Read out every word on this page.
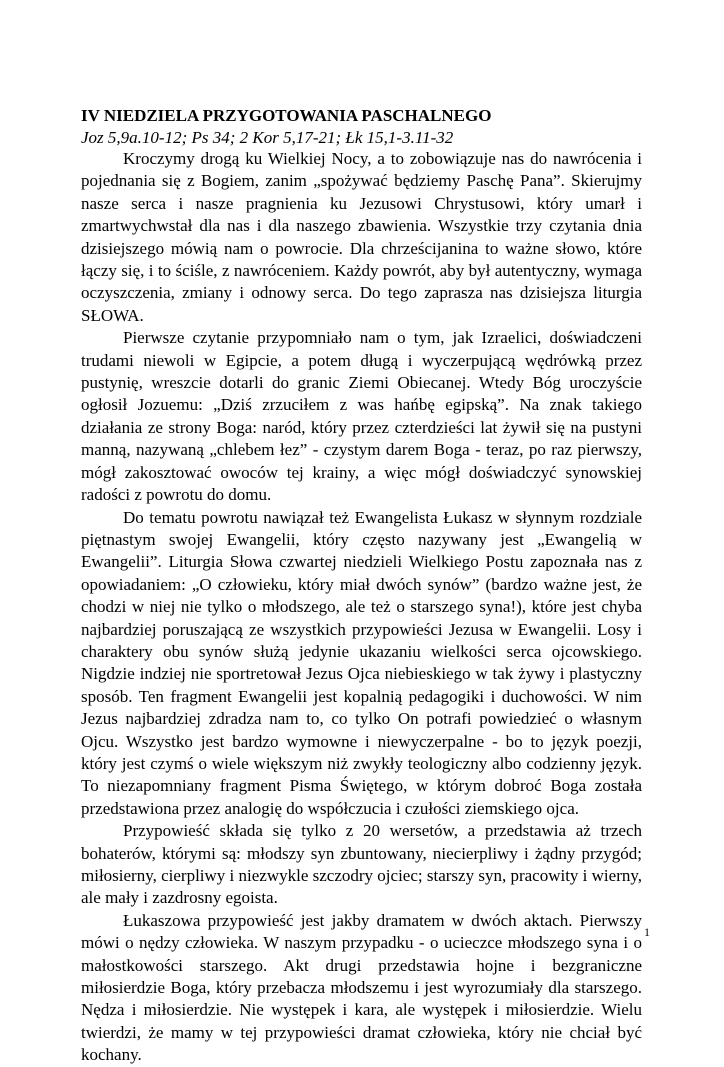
IV NIEDZIELA PRZYGOTOWANIA PASCHALNEGO

Joz 5,9a.10-12; Ps 34; 2 Kor 5,17-21; Łk 15,1-3.11-32

Kroczymy drogą ku Wielkiej Nocy, a to zobowiązuje nas do nawrócenia i pojednania się z Bogiem, zanim „spożywać będziemy Paschę Pana”. Skierujmy nasze serca i nasze pragnienia ku Jezusowi Chrystusowi, który umarł i zmartwychwstał dla nas i dla naszego zbawienia. Wszystkie trzy czytania dnia dzisiejszego mówią nam o powrocie. Dla chrześcijanina to ważne słowo, które łączy się, i to ściśle, z nawróceniem. Każdy powrót, aby był autentyczny, wymaga oczyszczenia, zmiany i odnowy serca. Do tego zaprasza nas dzisiejsza liturgia SŁOWA.

Pierwsze czytanie przypomniało nam o tym, jak Izraelici, doświadczeni trudami niewoli w Egipcie, a potem długą i wyczerpującą wędrówką przez pustynię, wreszcie dotarli do granic Ziemi Obiecanej. Wtedy Bóg uroczyście ogłosił Jozuemu: „Dziś zrzuciłem z was hańbę egipską”. Na znak takiego działania ze strony Boga: naród, który przez czterdzieści lat żywił się na pustyni manną, nazywaną „chlebem łez” - czystym darem Boga - teraz, po raz pierwszy, mógł zakosztować owoców tej krainy, a więc mógł doświadczyć synowskiej radości z powrotu do domu.

Do tematu powrotu nawiązał też Ewangelista Łukasz w słynnym rozdziale piętnastym swojej Ewangelii, który często nazywany jest „Ewangelią w Ewangelii”. Liturgia Słowa czwartej niedzieli Wielkiego Postu zapoznała nas z opowiadaniem: „O człowieku, który miał dwóch synów” (bardzo ważne jest, że chodzi w niej nie tylko o młodszego, ale też o starszego syna!), które jest chyba najbardziej poruszającą ze wszystkich przypowieści Jezusa w Ewangelii. Losy i charaktery obu synów służą jedynie ukazaniu wielkości serca ojcowskiego. Nigdzie indziej nie sportretował Jezus Ojca niebieskiego w tak żywy i plastyczny sposób. Ten fragment Ewangelii jest kopalnią pedagogiki i duchowości. W nim Jezus najbardziej zdradza nam to, co tylko On potrafi powiedzieć o własnym Ojcu. Wszystko jest bardzo wymowne i niewyczerpalne - bo to język poezji, który jest czymś o wiele większym niż zwykły teologiczny albo codzienny język. To niezapomniany fragment Pisma Świętego, w którym dobroć Boga została przedstawiona przez analogię do współczucia i czułości ziemskiego ojca.

Przypowieść składa się tylko z 20 wersetów, a przedstawia aż trzech bohaterów, którymi są: młodszy syn zbuntowany, niecierpliwy i żądny przygód; miłosierny, cierpliwy i niezwykle szczodry ojciec; starszy syn, pracowity i wierny, ale mały i zazdrosny egoista.

Łukaszowa przypowieść jest jakby dramatem w dwóch aktach. Pierwszy mówi o nędzy człowieka. W naszym przypadku - o ucieczce młodszego syna i o małostkowości starszego. Akt drugi przedstawia hojne i bezgraniczne miłosierdzie Boga, który przebacza młodszemu i jest wyrozumiały dla starszego. Nędza i miłosierdzie. Nie występek i kara, ale występek i miłosierdzie. Wielu twierdzi, że mamy w tej przypowieści dramat człowieka, który nie chciał być kochany.

1
